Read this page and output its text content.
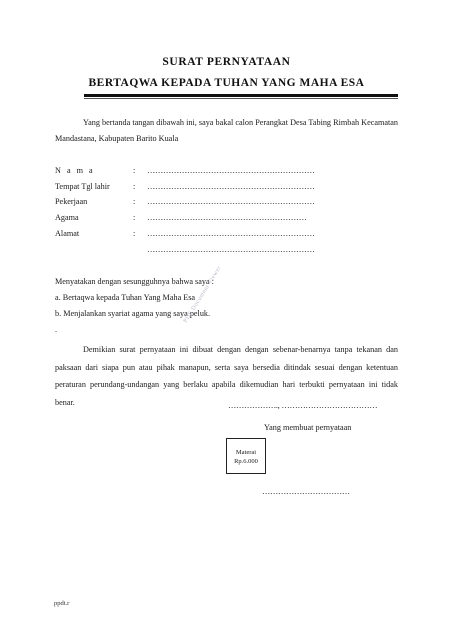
SURAT PERNYATAAN
BERTAQWA KEPADA TUHAN YANG MAHA ESA

Yang bertanda tangan dibawah ini, saya bakal calon Perangkat Desa Tabing Rimbah Kecamatan Mandastana, Kabupaten Barito Kuala

N a m a	: ………………………………………………………
Tempat Tgl lahir	: ………………………………………………………
Pekerjaan	: ………………………………………………………
Agama	: ……………………………………………………
Alamat	: ………………………………………………………
………………………………………………………
Menyatakan dengan sesungguhnya bahwa saya :
a. Bertaqwa kepada Tuhan Yang Maha Esa
b. Menjalankan syariat agama yang saya peluk.
.
PDF Document Viewer

Demikian surat pernyataan ini dibuat dengan dengan sebenar-benarnya tanpa tekanan dan paksaan dari siapa pun atau pihak manapun, serta saya bersedia ditindak sesuai dengan ketentuan peraturan perundang-undangan yang berlaku apabila dikemudian hari terbukti pernyataan ini tidak benar.	………………., ………………………………
Yang membuat pernyataan
Materai
Rp.6.000
……………………………
ppdt.r
